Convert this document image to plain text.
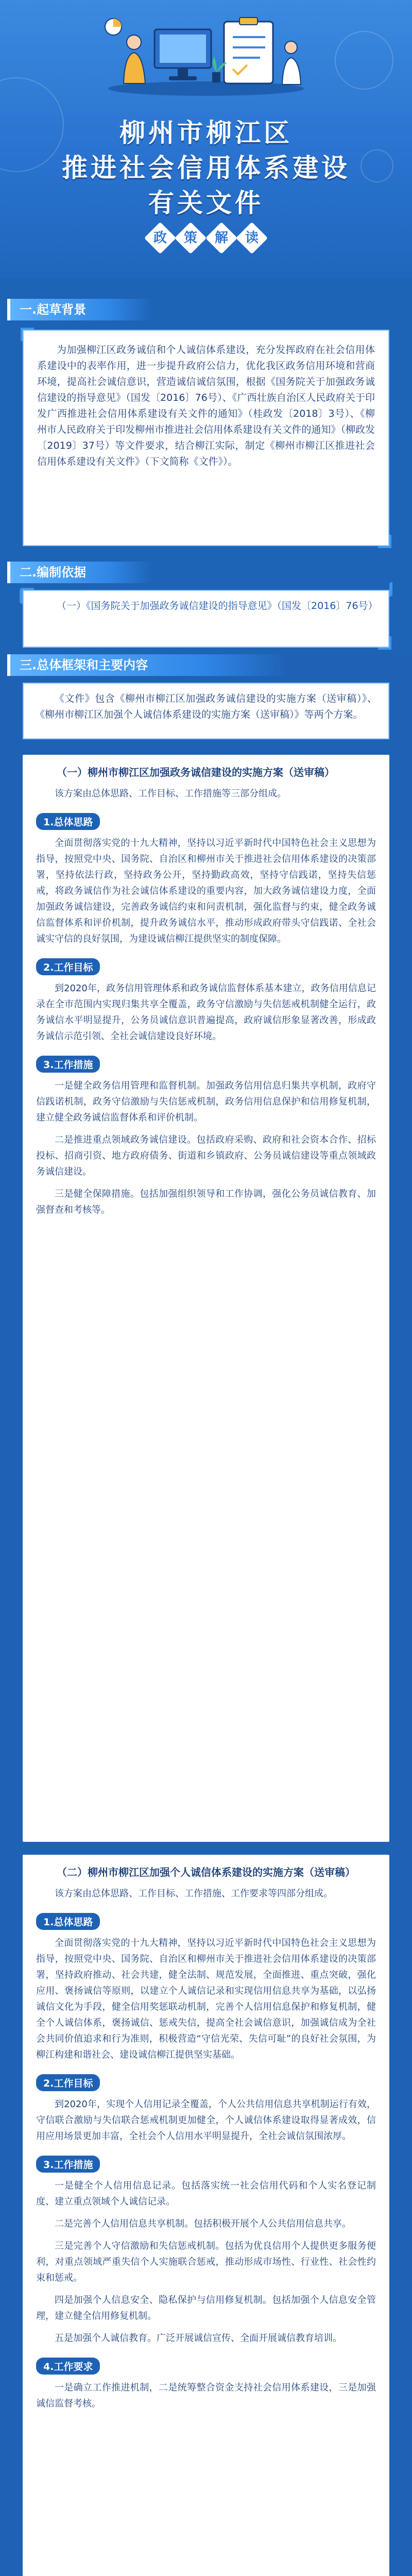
柳州市柳江区
推进社会信用体系建设
有关文件
政 策 解 读
一.起草背景

为加强柳江区政务诚信和个人诚信体系建设，充分发挥政府在社会信用体系建设中的表率作用，进一步提升政府公信力，优化我区政务信用环境和营商环境，提高社会诚信意识，营造诚信诚信氛围，根据《国务院关于加强政务诚信建设的指导意见》（国发〔2016〕76号）、《广西壮族自治区人民政府关于印发广西推进社会信用体系建设有关文件的通知》（桂政发〔2018〕3号）、《柳州市人民政府关于印发柳州市推进社会信用体系建设有关文件的通知》（柳政发〔2019〕37号）等文件要求，结合柳江实际，制定《柳州市柳江区推进社会信用体系建设有关文件》（下文简称《文件》）。

二.编制依据
三.总体框架和主要内容

《文件》包含《柳州市柳江区加强政务诚信建设的实施方案（送审稿）》、《柳州市柳江区加强个人诚信体系建设的实施方案（送审稿）》等两个方案。

（一）柳州市柳江区加强政务诚信建设的实施方案（送审稿）

该方案由总体思路、工作目标、工作措施等三部分组成。

1.总体思路

全面贯彻落实党的十九大精神，坚持以习近平新时代中国特色社会主义思想为指导，按照党中央、国务院、自治区和柳州市关于推进社会信用体系建设的决策部署，坚持依法行政，坚持政务公开，坚持勤政高效，坚持守信践诺，坚持失信惩戒，将政务诚信作为社会诚信体系建设的重要内容，加大政务诚信建设力度，全面加强政务诚信建设，完善政务诚信约束和问责机制，强化监督与约束，健全政务诚信监督体系和评价机制，提升政务诚信水平，推动形成政府带头守信践诺、全社会诚实守信的良好氛围，为建设诚信柳江提供坚实的制度保障。

2.工作目标

到2020年，政务信用管理体系和政务诚信监督体系基本建立，政务信用信息记录在全市范围内实现归集共享全覆盖，政务守信激励与失信惩戒机制健全运行，政务诚信水平明显提升，公务员诚信意识普遍提高，政府诚信形象显著改善，形成政务诚信示范引领、全社会诚信建设良好环境。

3.工作措施

一是健全政务信用管理和监督机制。加强政务信用信息归集共享机制，政府守信践诺机制，政务守信激励与失信惩戒机制，政务信用信息保护和信用修复机制，建立健全政务诚信监督体系和评价机制。

二是推进重点领域政务诚信建设。包括政府采购、政府和社会资本合作、招标投标、招商引资、地方政府债务、街道和乡镇政府、公务员诚信建设等重点领域政务诚信建设。

三是健全保障措施。包括加强组织领导和工作协调，强化公务员诚信教育、加强督查和考核等。

（二）柳州市柳江区加强个人诚信体系建设的实施方案（送审稿）

该方案由总体思路、工作目标、工作措施、工作要求等四部分组成。

1.总体思路

全面贯彻落实党的十九大精神，坚持以习近平新时代中国特色社会主义思想为指导，按照党中央、国务院、自治区和柳州市关于推进社会信用体系建设的决策部署，坚持政府推动、社会共建，健全法制、规范发展，全面推进、重点突破，强化应用、褒扬诚信等原则，以建立个人诚信记录和实现信用信息共享为基础，以弘扬诚信文化为手段，健全信用奖惩联动机制，完善个人信用信息保护和修复机制，健全个人诚信体系，褒扬诚信、惩戒失信，提高全社会诚信意识，加强诚信成为全社会共同价值追求和行为准则，积极营造“守信光荣、失信可耻”的良好社会氛围，为柳江构建和谐社会、建设诚信柳江提供坚实基础。

2.工作目标

到2020年，实现个人信用记录全覆盖，个人公共信用信息共享机制运行有效，守信联合激励与失信联合惩戒机制更加健全，个人诚信体系建设取得显著成效，信用应用场景更加丰富，全社会个人信用水平明显提升，全社会诚信氛围浓厚。

3.工作措施

一是健全个人信用信息记录。包括落实统一社会信用代码和个人实名登记制度、建立重点领域个人诚信记录。

二是完善个人信用信息共享机制。包括积极开展个人公共信用信息共享。

三是完善个人守信激励和失信惩戒机制。包括为优良信用个人提供更多服务便利，对重点领域严重失信个人实施联合惩戒，推动形成市场性、行业性、社会性约束和惩戒。

四是加强个人信息安全、隐私保护与信用修复机制。包括加强个人信息安全管理，建立健全信用修复机制。

五是加强个人诚信教育。广泛开展诚信宣传、全面开展诚信教育培训。

4.工作要求

一是确立工作推进机制，二是统筹整合资金支持社会信用体系建设，三是加强诚信监督考核。

（一）《国务院关于加强政务诚信建设的指导意见》（国发〔2016〕76号）
